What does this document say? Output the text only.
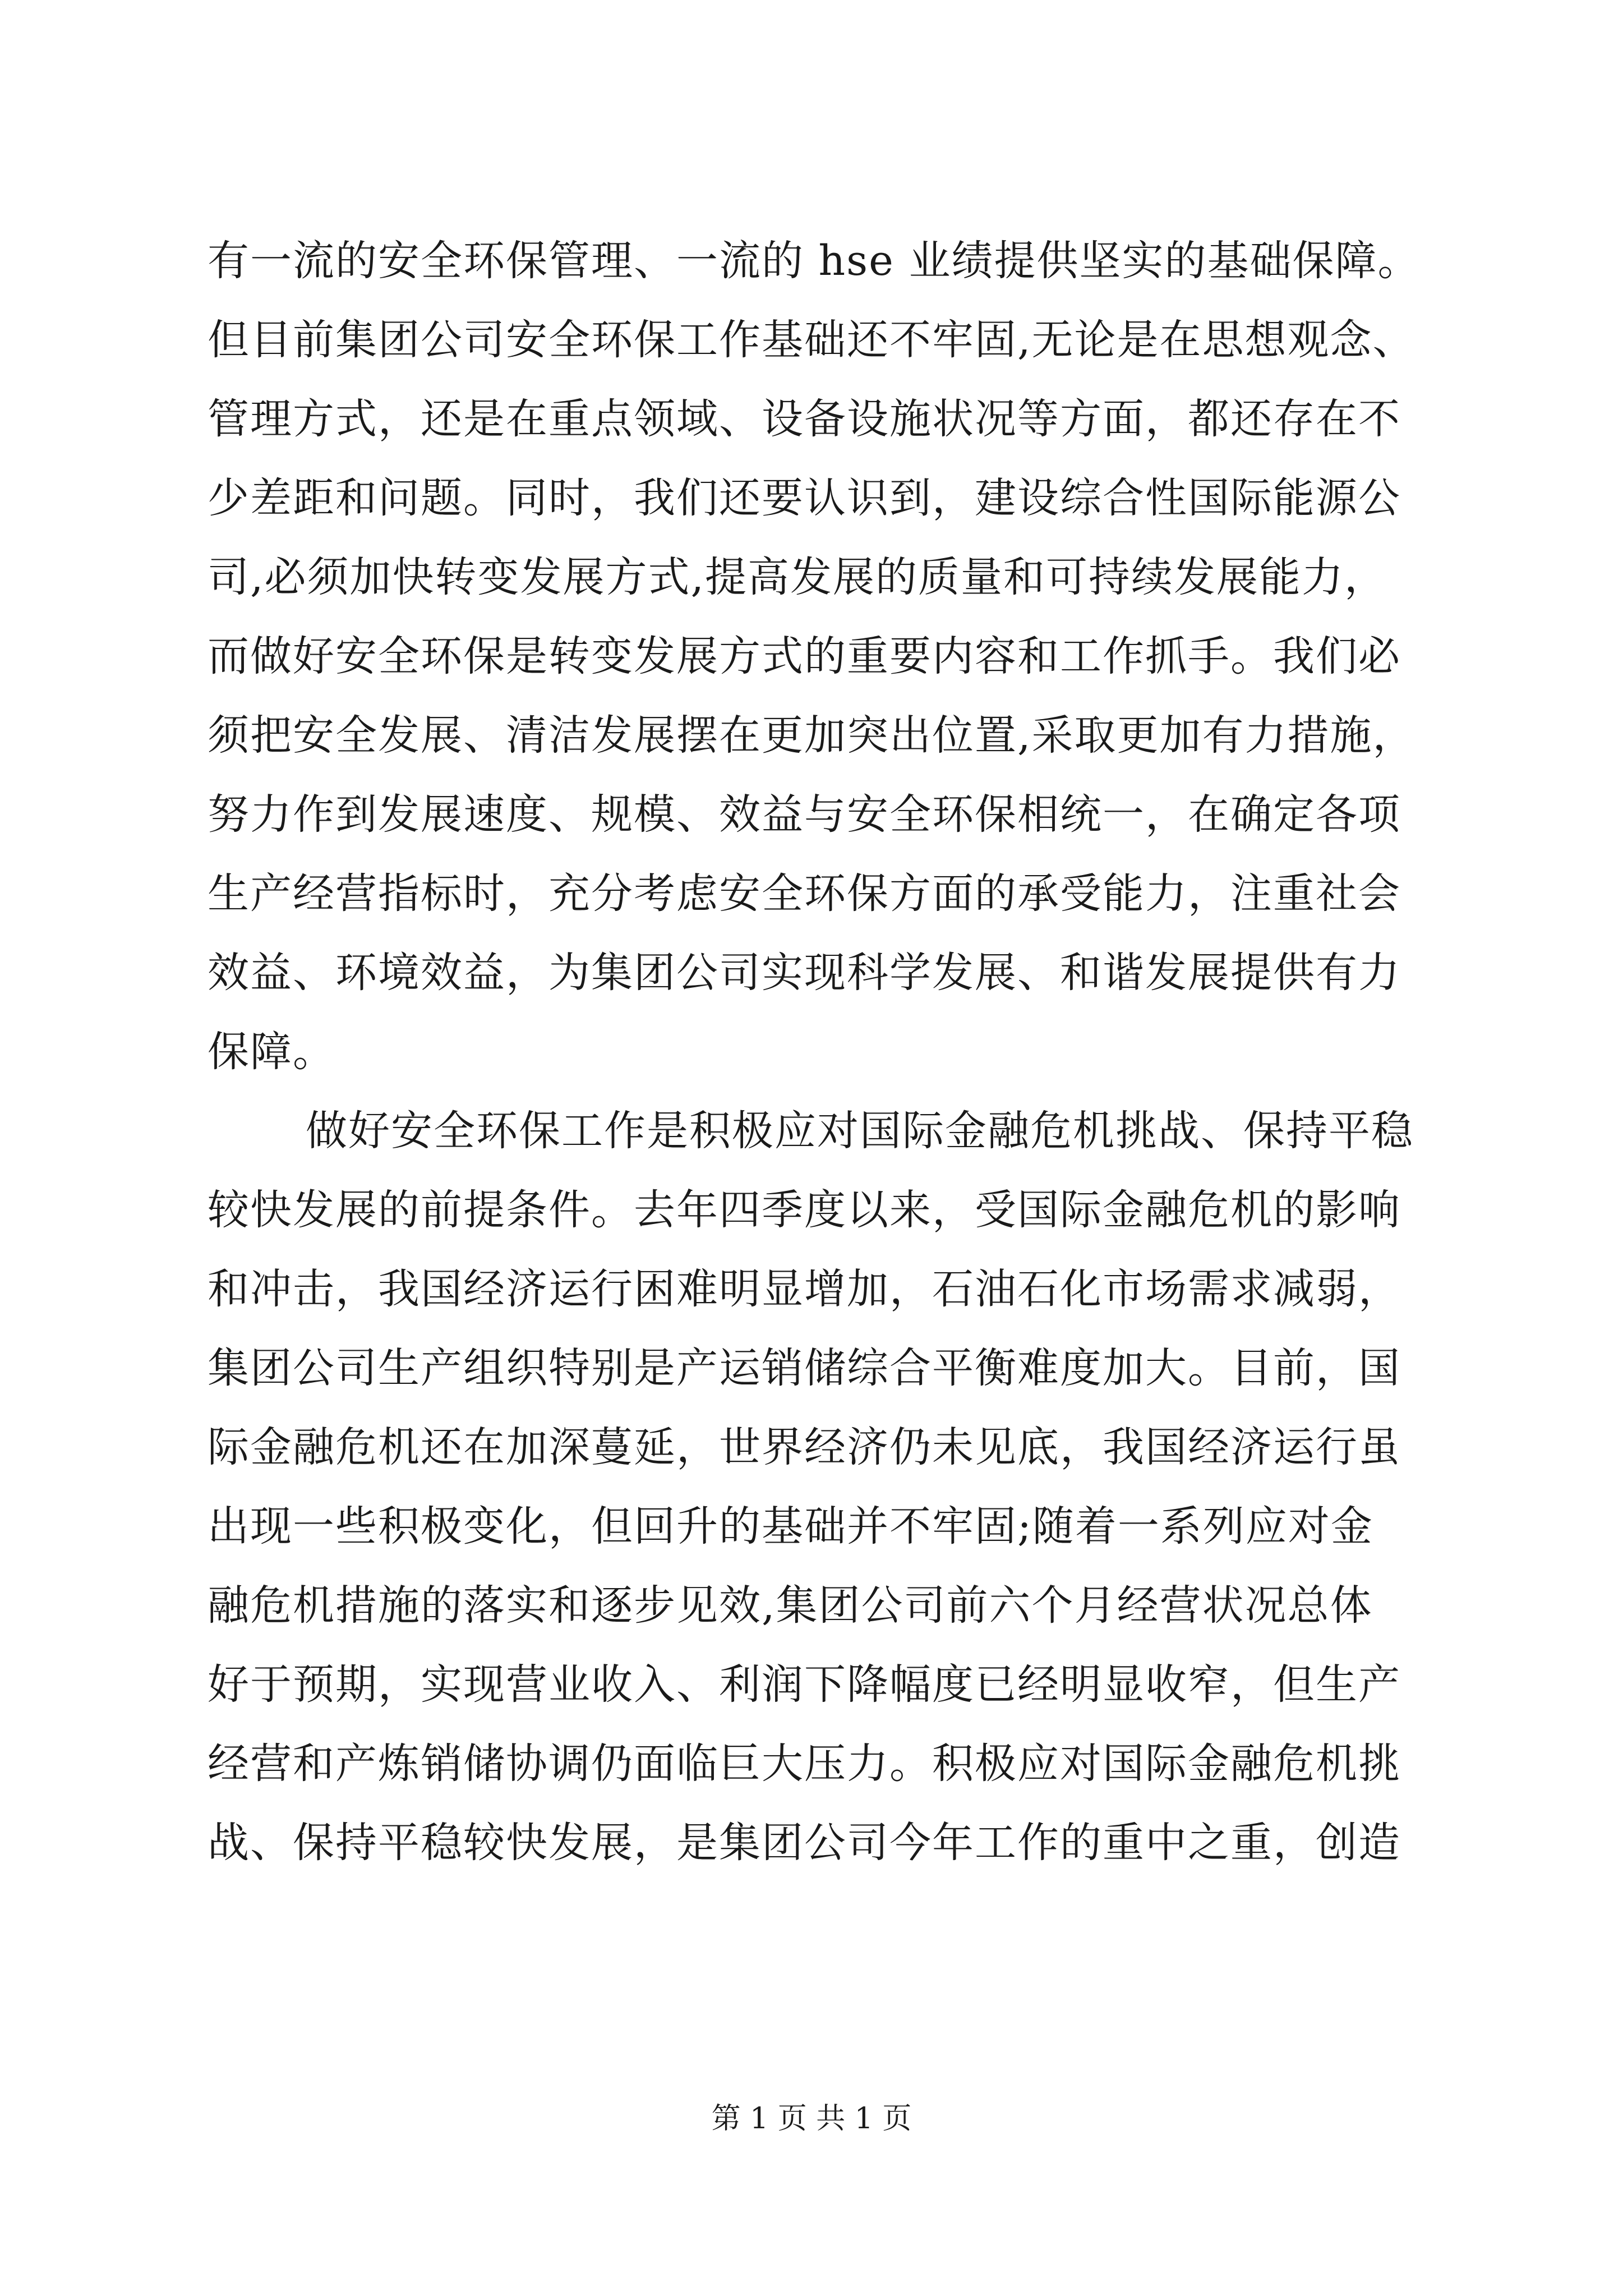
有一流的安全环保管理、一流的 hse 业绩提供坚实的基础保障。
但目前集团公司安全环保工作基础还不牢固,无论是在思想观念、
管理方式，还是在重点领域、设备设施状况等方面，都还存在不
少差距和问题。同时，我们还要认识到，建设综合性国际能源公
司,必须加快转变发展方式,提高发展的质量和可持续发展能力，
而做好安全环保是转变发展方式的重要内容和工作抓手。我们必
须把安全发展、清洁发展摆在更加突出位置,采取更加有力措施，
努力作到发展速度、规模、效益与安全环保相统一，在确定各项
生产经营指标时，充分考虑安全环保方面的承受能力，注重社会
效益、环境效益，为集团公司实现科学发展、和谐发展提供有力
保障。
做好安全环保工作是积极应对国际金融危机挑战、保持平稳
较快发展的前提条件。去年四季度以来，受国际金融危机的影响
和冲击，我国经济运行困难明显增加，石油石化市场需求减弱，
集团公司生产组织特别是产运销储综合平衡难度加大。目前，国
际金融危机还在加深蔓延，世界经济仍未见底，我国经济运行虽
出现一些积极变化，但回升的基础并不牢固;随着一系列应对金
融危机措施的落实和逐步见效,集团公司前六个月经营状况总体
好于预期，实现营业收入、利润下降幅度已经明显收窄，但生产
经营和产炼销储协调仍面临巨大压力。积极应对国际金融危机挑
战、保持平稳较快发展，是集团公司今年工作的重中之重，创造
第 1 页 共 1 页
